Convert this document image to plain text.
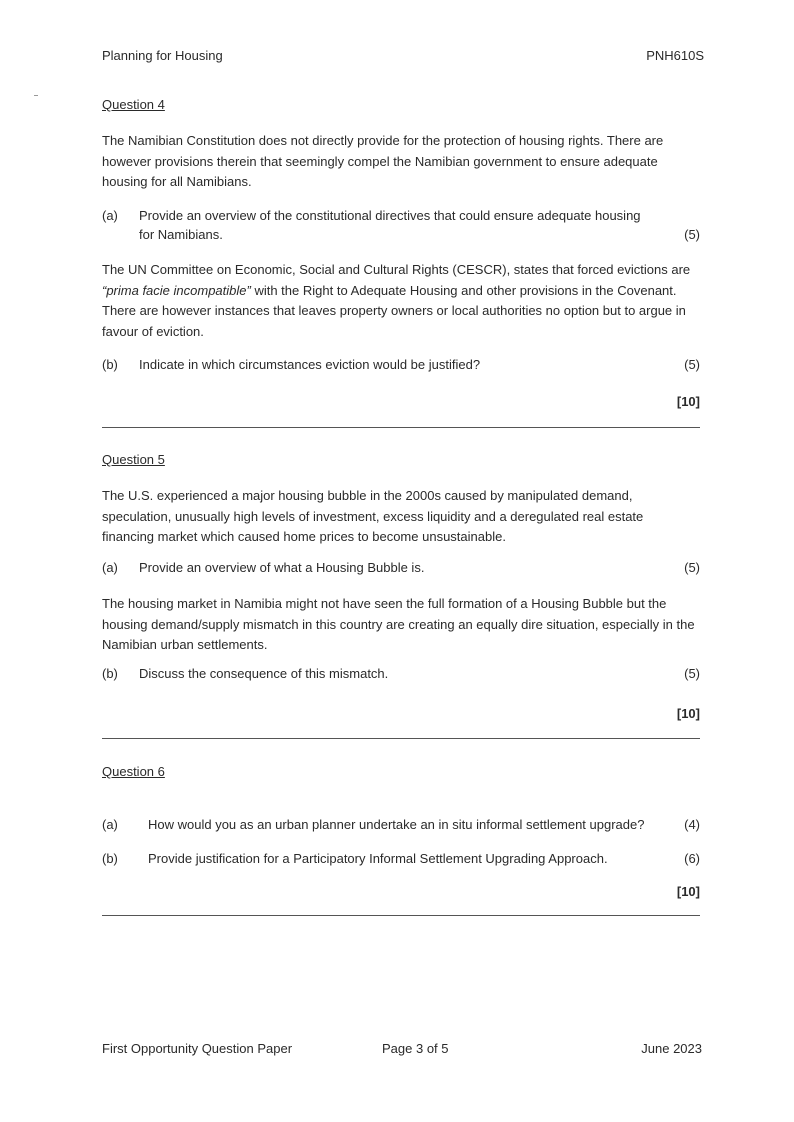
Planning for Housing	PNH610S
Question 4
The Namibian Constitution does not directly provide for the protection of housing rights. There are however provisions therein that seemingly compel the Namibian government to ensure adequate housing for all Namibians.
(a) Provide an overview of the constitutional directives that could ensure adequate housing
for Namibians.	(5)
The UN Committee on Economic, Social and Cultural Rights (CESCR), states that forced evictions are “prima facie incompatible” with the Right to Adequate Housing and other provisions in the Covenant. There are however instances that leaves property owners or local authorities no option but to argue in favour of eviction.
(b) Indicate in which circumstances eviction would be justified?	(5)
[10]
Question 5
The U.S. experienced a major housing bubble in the 2000s caused by manipulated demand, speculation, unusually high levels of investment, excess liquidity and a deregulated real estate financing market which caused home prices to become unsustainable.
(a) Provide an overview of what a Housing Bubble is.	(5)
The housing market in Namibia might not have seen the full formation of a Housing Bubble but the housing demand/supply mismatch in this country are creating an equally dire situation, especially in the Namibian urban settlements.
(b) Discuss the consequence of this mismatch.	(5)
[10]
Question 6
(a) How would you as an urban planner undertake an in situ informal settlement upgrade?	(4)
(b) Provide justification for a Participatory Informal Settlement Upgrading Approach.	(6)
[10]
First Opportunity Question Paper	Page 3 of 5	June 2023
